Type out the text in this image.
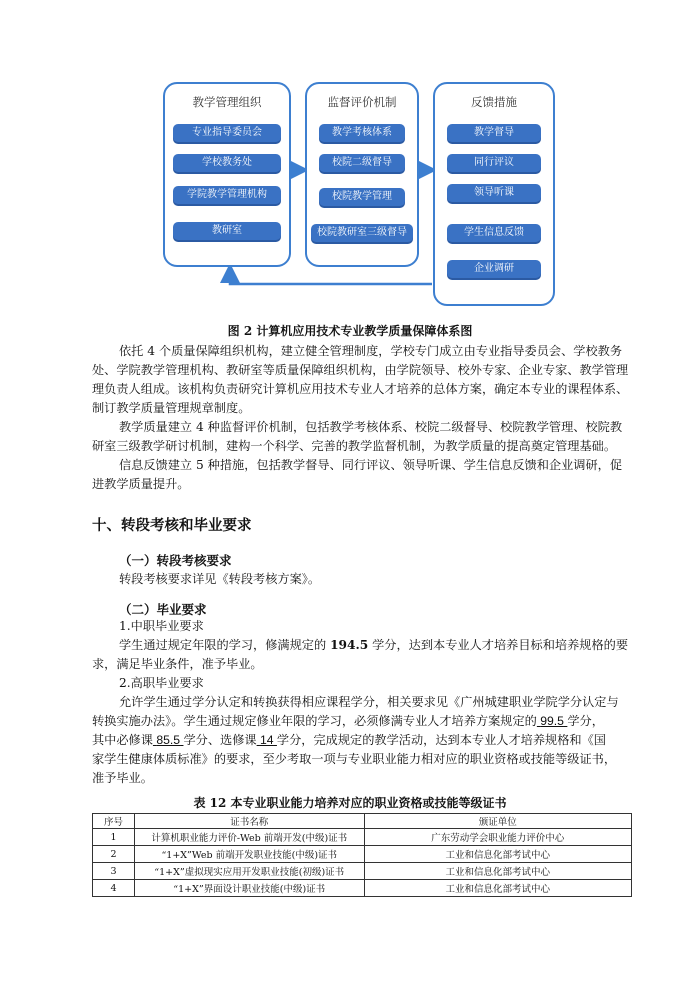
教学管理组织
专业指导委员会
学校教务处
学院教学管理机构
教研室
监督评价机制
教学考核体系
校院二级督导
校院教学管理
校院教研室三级督导
反馈措施
教学督导
同行评议
领导听课
学生信息反馈
企业调研
图 2 计算机应用技术专业教学质量保障体系图
依托 4 个质量保障组织机构，建立健全管理制度，学校专门成立由专业指导委员会、学校教务
处、学院教学管理机构、教研室等质量保障组织机构，由学院领导、校外专家、企业专家、教学管理
理负责人组成。该机构负责研究计算机应用技术专业人才培养的总体方案，确定本专业的课程体系、
制订教学质量管理规章制度。
教学质量建立 4 种监督评价机制，包括教学考核体系、校院二级督导、校院教学管理、校院教
研室三级教学研讨机制，建构一个科学、完善的教学监督机制，为教学质量的提高奠定管理基础。
信息反馈建立 5 种措施，包括教学督导、同行评议、领导听课、学生信息反馈和企业调研，促
进教学质量提升。
十、转段考核和毕业要求
（一）转段考核要求
转段考核要求详见《转段考核方案》。
（二）毕业要求
1.中职毕业要求
学生通过规定年限的学习，修满规定的 194.5 学分，达到本专业人才培养目标和培养规格的要
求，满足毕业条件，准予毕业。
2.高职毕业要求
允许学生通过学分认定和转换获得相应课程学分，相关要求见《广州城建职业学院学分认定与
转换实施办法》。学生通过规定修业年限的学习，必须修满专业人才培养方案规定的 99.5 学分，
其中必修课 85.5 学分、选修课 14 学分，完成规定的教学活动，达到本专业人才培养规格和《国
家学生健康体质标准》的要求，至少考取一项与专业职业能力相对应的职业资格或技能等级证书，
准予毕业。
表 12 本专业职业能力培养对应的职业资格或技能等级证书
序号	证书名称	颁证单位
1	计算机职业能力评价-Web 前端开发(中级)证书	广东劳动学会职业能力评价中心
2	“1+X”Web 前端开发职业技能(中级)证书	工业和信息化部考试中心
3	“1+X”虚拟现实应用开发职业技能(初级)证书	工业和信息化部考试中心
4	“1+X”界面设计职业技能(中级)证书	工业和信息化部考试中心
